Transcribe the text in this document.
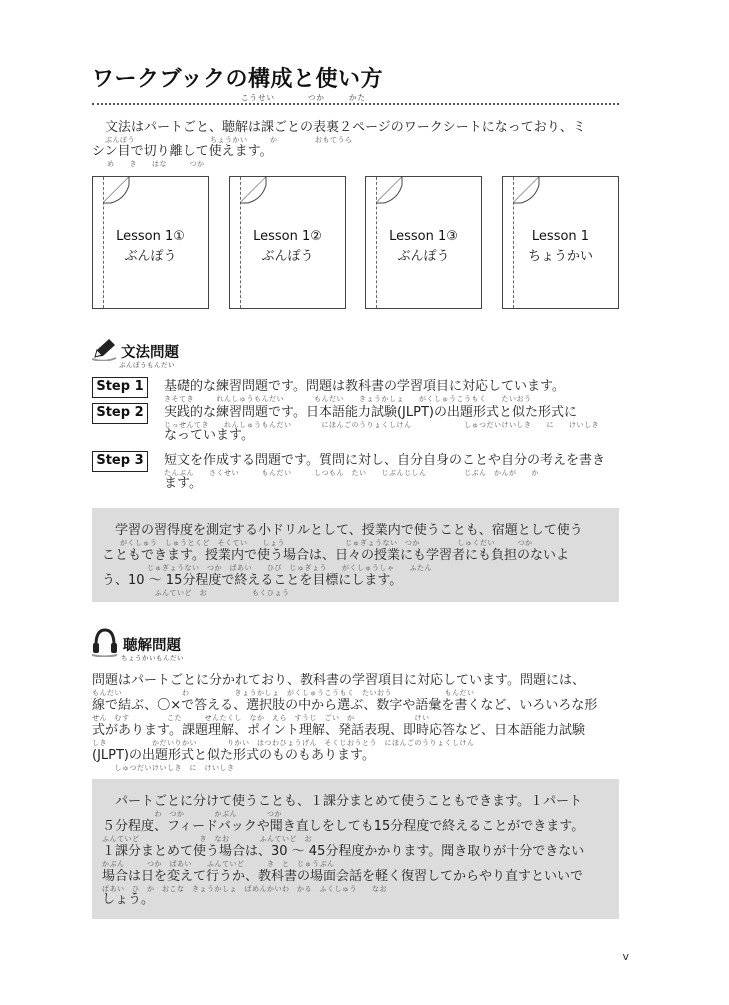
ワークブックの構成と使い方
こうせい	つか	かた
　文法はパートごと、聴解は課ごとの表裏２ページのワークシートになっており、ミ
ぶんぽう　　　　　　　　　　ちょうかい　　　か　　　　　おもてうら
シン目で切り離して使えます。
　　め　　き　　はな　　　つか
Lesson 1①
ぶんぽう
Lesson 1②
ぶんぽう
Lesson 1③
ぶんぽう
Lesson 1
ちょうかい
文法問題
ぶんぽうもんだい
Step 1	基礎的な練習問題です。問題は教科書の学習項目に対応しています。
きそてき　　　れんしゅうもんだい　　　　もんだい　　きょうかしょ　　がくしゅうこうもく　　たいおう
Step 2	実践的な練習問題です。日本語能力試験(JLPT)の出題形式と似た形式に
じっせんてき　　れんしゅうもんだい　　　　にほんごのうりょくしけん　　　　　　　しゅつだいけいしき　　に　　けいしき
なっています。
Step 3	短文を作成する問題です。質問に対し、自分自身のことや自分の考えを書き
たんぶん　　さくせい　　　もんだい　　　しつもん　たい　　じぶんじしん　　　　　じぶん　かんが　　か
ます。
　学習の習得度を測定する小ドリルとして、授業内で使うことも、宿題として使う
がくしゅう　しゅうとくど　そくてい　　しょう　　　　　　　　じゅぎょうない　つか　　　　　しゅくだい　　　つか
こともできます。授業内で使う場合は、日々の授業にも学習者にも負担のないよ
　　　　　　じゅぎょうない　つか　ばあい　　ひび　じゅぎょう　　がくしゅうしゃ　　ふたん
う、10 ～ 15分程度で終えることを目標にします。
　　　　　　　ふんていど　お　　　　　　もくひょう
聴解問題
ちょうかいもんだい
問題はパートごとに分かれており、教科書の学習項目に対応しています。問題には、
もんだい　　　　　　　　わ　　　　　　きょうかしょ　がくしゅうこうもく　たいおう　　　　　　　もんだい
線で結ぶ、〇×で答える、選択肢の中から選ぶ、数字や語彙を書くなど、いろいろな形
せん　むす　　　　　こた　　　せんたくし　なか　えら　すうじ　ごい　か　　　　　　　　けい
式があります。課題理解、ポイント理解、発話表現、即時応答など、日本語能力試験
しき　　　　　　かだいりかい　　　　りかい　はつわひょうげん　そくじおうとう　にほんごのうりょくしけん
(JLPT)の出題形式と似た形式のものもあります。
　　　しゅつだいけいしき　に　けいしき
　パートごとに分けて使うことも、１課分まとめて使うこともできます。１パート
　　　　　　　わ　つか　　　　かぶん　　　　つか
５分程度、フィードバックや聞き直しをしても15分程度で終えることができます。
ふんていど　　　　　　　　き　なお　　　　ふんていど　お
１課分まとめて使う場合は、30 ～ 45分程度かかります。聞き取りが十分できない
かぶん　　　つか　ばあい　　ふんていど　　　き　と　じゅうぶん
場合は日を変えて行うか、教科書の場面会話を軽く復習してからやり直すといいで
ばあい　ひ　か　おこな　きょうかしょ　ばめんかいわ　かる　ふくしゅう　　なお
しょう。
v
